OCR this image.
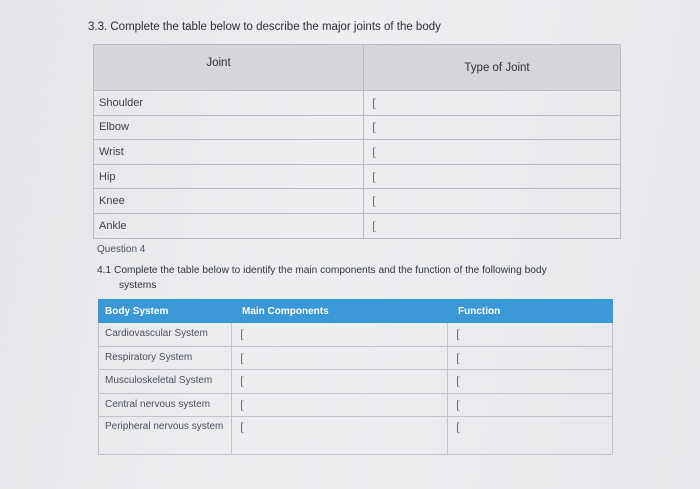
3.3. Complete the table below to describe the major joints of the body
Joint	Type of Joint
Shoulder	[
Elbow	[
Wrist	[
Hip	[
Knee	[
Ankle	[
Question 4
4.1 Complete the table below to identify the main components and the function of the following body
systems
Body System	Main Components	Function
Cardiovascular System	[	[
Respiratory System	[	[
Musculoskeletal System	[	[
Central nervous system	[	[
Peripheral nervous system	[	[
